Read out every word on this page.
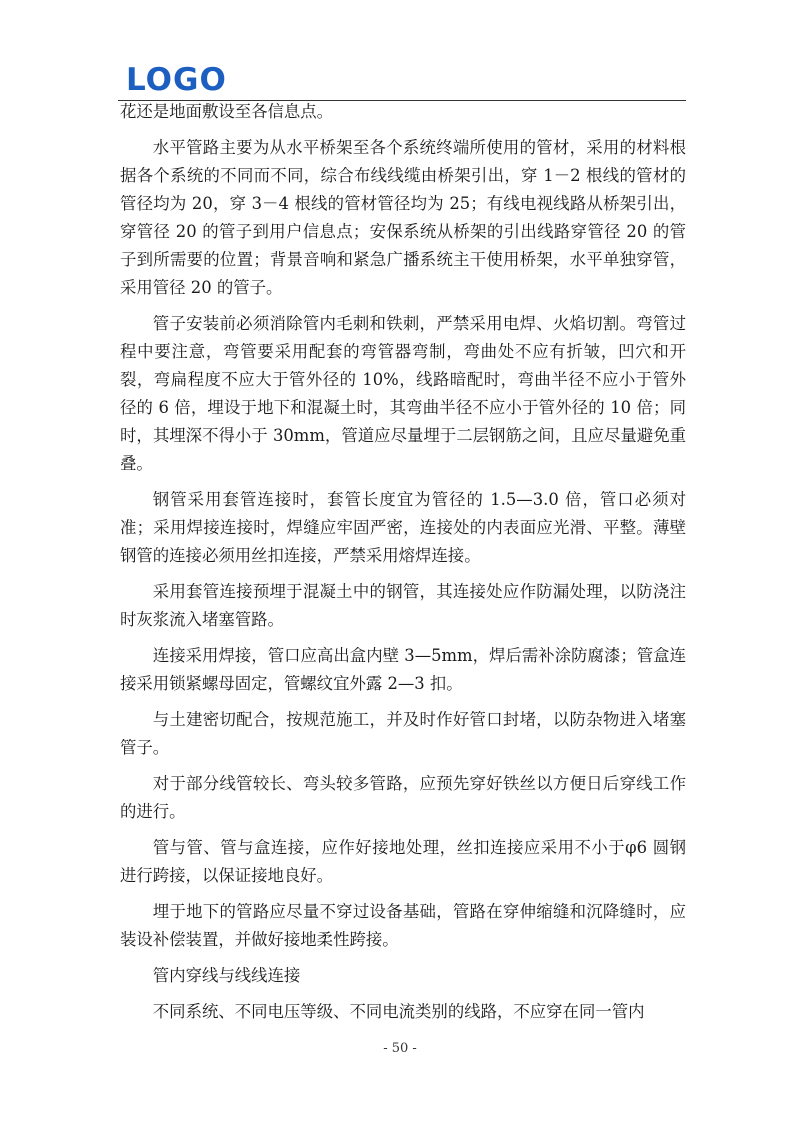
LOGO

花还是地面敷设至各信息点。

水平管路主要为从水平桥架至各个系统终端所使用的管材，采用的材料根据各个系统的不同而不同，综合布线线缆由桥架引出，穿 1－2 根线的管材的管径均为 20，穿 3－4 根线的管材管径均为 25；有线电视线路从桥架引出，穿管径 20 的管子到用户信息点；安保系统从桥架的引出线路穿管径 20 的管子到所需要的位置；背景音响和紧急广播系统主干使用桥架，水平单独穿管，采用管径 20 的管子。

管子安装前必须消除管内毛刺和铁刺，严禁采用电焊、火焰切割。弯管过程中要注意，弯管要采用配套的弯管器弯制，弯曲处不应有折皱，凹穴和开裂，弯扁程度不应大于管外径的 10%，线路暗配时，弯曲半径不应小于管外径的 6 倍，埋设于地下和混凝土时，其弯曲半径不应小于管外径的 10 倍；同时，其埋深不得小于 30mm，管道应尽量埋于二层钢筋之间，且应尽量避免重叠。

钢管采用套管连接时，套管长度宜为管径的 1.5—3.0 倍，管口必须对准；采用焊接连接时，焊缝应牢固严密，连接处的内表面应光滑、平整。薄壁钢管的连接必须用丝扣连接，严禁采用熔焊连接。

采用套管连接预埋于混凝土中的钢管，其连接处应作防漏处理，以防浇注时灰浆流入堵塞管路。

连接采用焊接，管口应高出盒内壁 3—5mm，焊后需补涂防腐漆；管盒连接采用锁紧螺母固定，管螺纹宜外露 2—3 扣。

与土建密切配合，按规范施工，并及时作好管口封堵，以防杂物进入堵塞管子。

对于部分线管较长、弯头较多管路，应预先穿好铁丝以方便日后穿线工作的进行。

管与管、管与盒连接，应作好接地处理，丝扣连接应采用不小于φ6 圆钢进行跨接，以保证接地良好。

埋于地下的管路应尽量不穿过设备基础，管路在穿伸缩缝和沉降缝时，应装设补偿装置，并做好接地柔性跨接。

管内穿线与线线连接

不同系统、不同电压等级、不同电流类别的线路，不应穿在同一管内

- 50 -
